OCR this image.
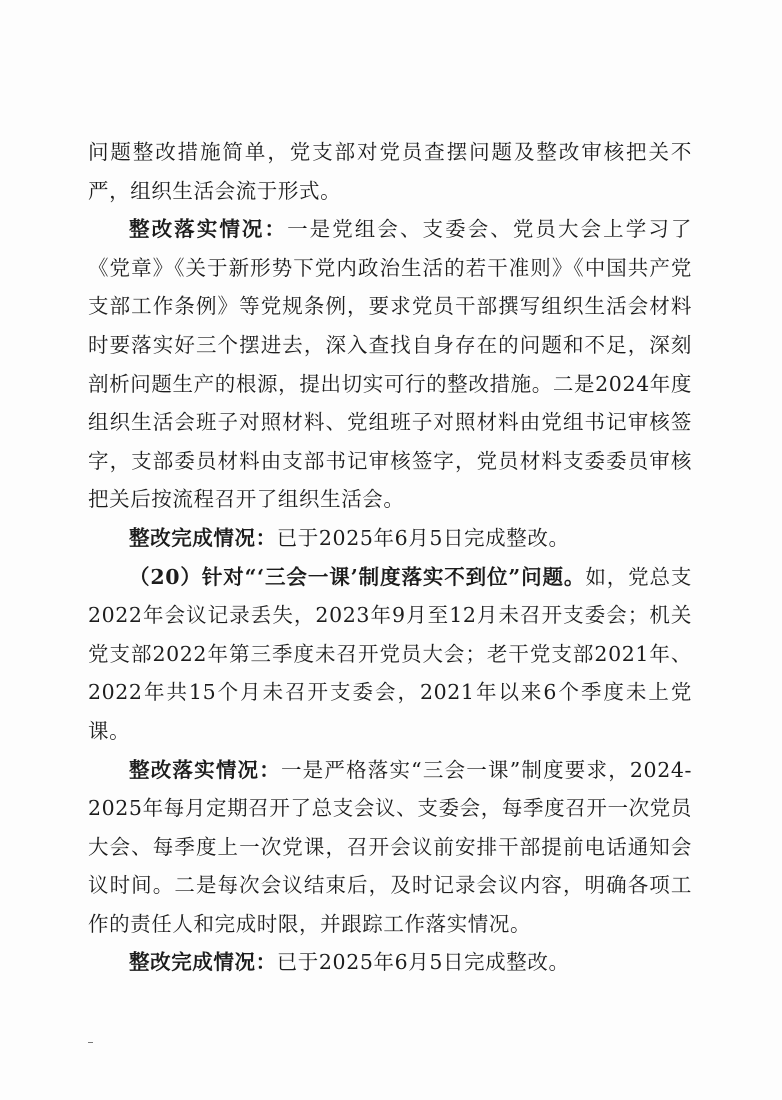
问题整改措施简单，党支部对党员查摆问题及整改审核把关不严，组织生活会流于形式。

整改落实情况：一是党组会、支委会、党员大会上学习了《党章》《关于新形势下党内政治生活的若干准则》《中国共产党支部工作条例》等党规条例，要求党员干部撰写组织生活会材料时要落实好三个摆进去，深入查找自身存在的问题和不足，深刻剖析问题生产的根源，提出切实可行的整改措施。二是2024年度组织生活会班子对照材料、党组班子对照材料由党组书记审核签字，支部委员材料由支部书记审核签字，党员材料支委委员审核把关后按流程召开了组织生活会。

整改完成情况：已于2025年6月5日完成整改。

（20）针对“‘三会一课’制度落实不到位”问题。如，党总支2022年会议记录丢失，2023年9月至12月未召开支委会；机关党支部2022年第三季度未召开党员大会；老干党支部2021年、2022年共15个月未召开支委会，2021年以来6个季度未上党课。

整改落实情况：一是严格落实“三会一课”制度要求，2024-2025年每月定期召开了总支会议、支委会，每季度召开一次党员大会、每季度上一次党课，召开会议前安排干部提前电话通知会议时间。二是每次会议结束后，及时记录会议内容，明确各项工作的责任人和完成时限，并跟踪工作落实情况。

整改完成情况：已于2025年6月5日完成整改。
